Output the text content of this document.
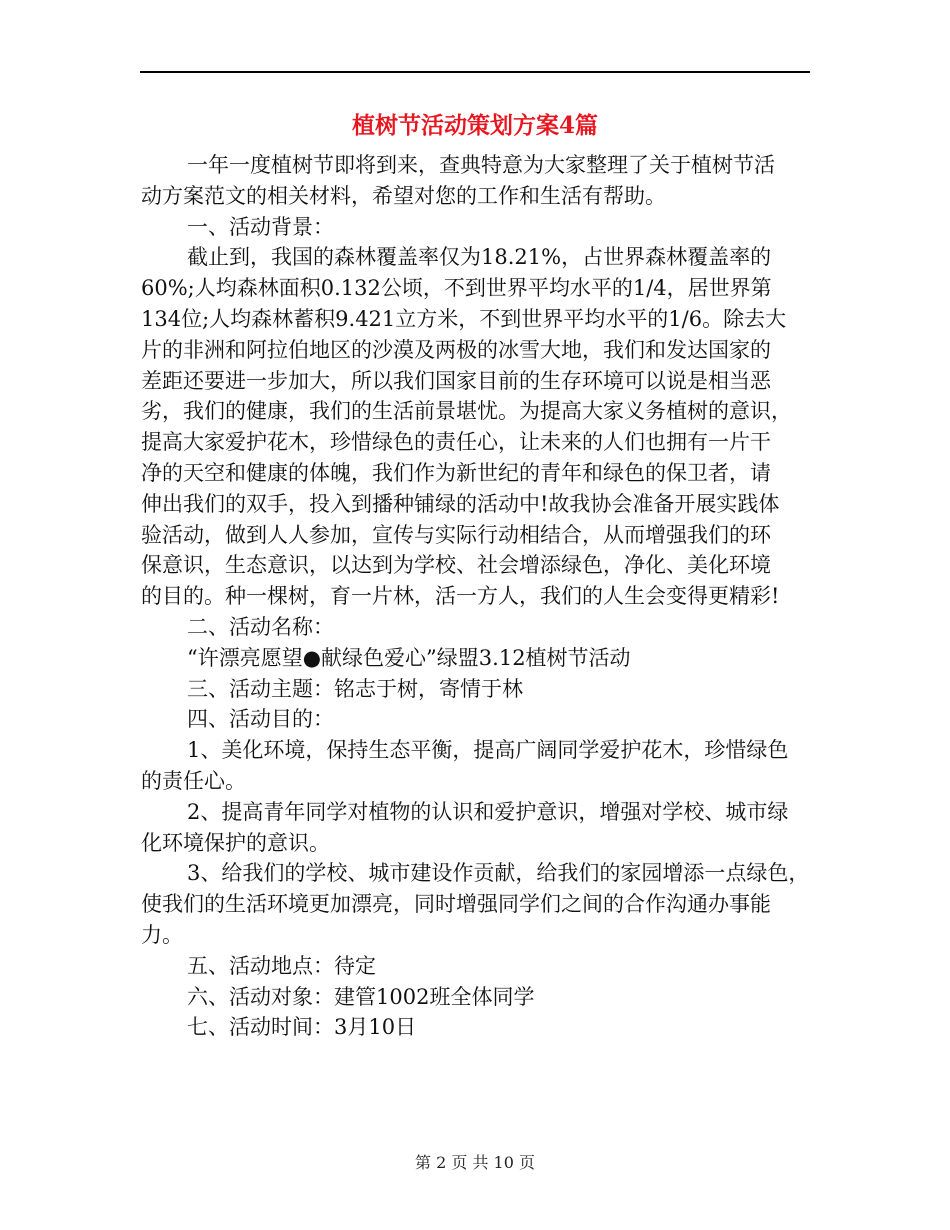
植树节活动策划方案4篇

一年一度植树节即将到来，查典特意为大家整理了关于植树节活

动方案范文的相关材料，希望对您的工作和生活有帮助。

一、活动背景：

截止到，我国的森林覆盖率仅为18.21%，占世界森林覆盖率的

60%;人均森林面积0.132公顷，不到世界平均水平的1/4，居世界第

134位;人均森林蓄积9.421立方米，不到世界平均水平的1/6。除去大

片的非洲和阿拉伯地区的沙漠及两极的冰雪大地，我们和发达国家的

差距还要进一步加大，所以我们国家目前的生存环境可以说是相当恶

劣，我们的健康，我们的生活前景堪忧。为提高大家义务植树的意识，

提高大家爱护花木，珍惜绿色的责任心，让未来的人们也拥有一片干

净的天空和健康的体魄，我们作为新世纪的青年和绿色的保卫者，请

伸出我们的双手，投入到播种铺绿的活动中!故我协会准备开展实践体

验活动，做到人人参加，宣传与实际行动相结合，从而增强我们的环

保意识，生态意识，以达到为学校、社会增添绿色，净化、美化环境

的目的。种一棵树，育一片林，活一方人，我们的人生会变得更精彩!

二、活动名称：

“许漂亮愿望●献绿色爱心”绿盟3.12植树节活动

三、活动主题：铭志于树，寄情于林

四、活动目的：

1、美化环境，保持生态平衡，提高广阔同学爱护花木，珍惜绿色

的责任心。

2、提高青年同学对植物的认识和爱护意识，增强对学校、城市绿

化环境保护的意识。

3、给我们的学校、城市建设作贡献，给我们的家园增添一点绿色，

使我们的生活环境更加漂亮，同时增强同学们之间的合作沟通办事能

力。

五、活动地点：待定

六、活动对象：建管1002班全体同学

七、活动时间：3月10日

第 2 页 共 10 页
